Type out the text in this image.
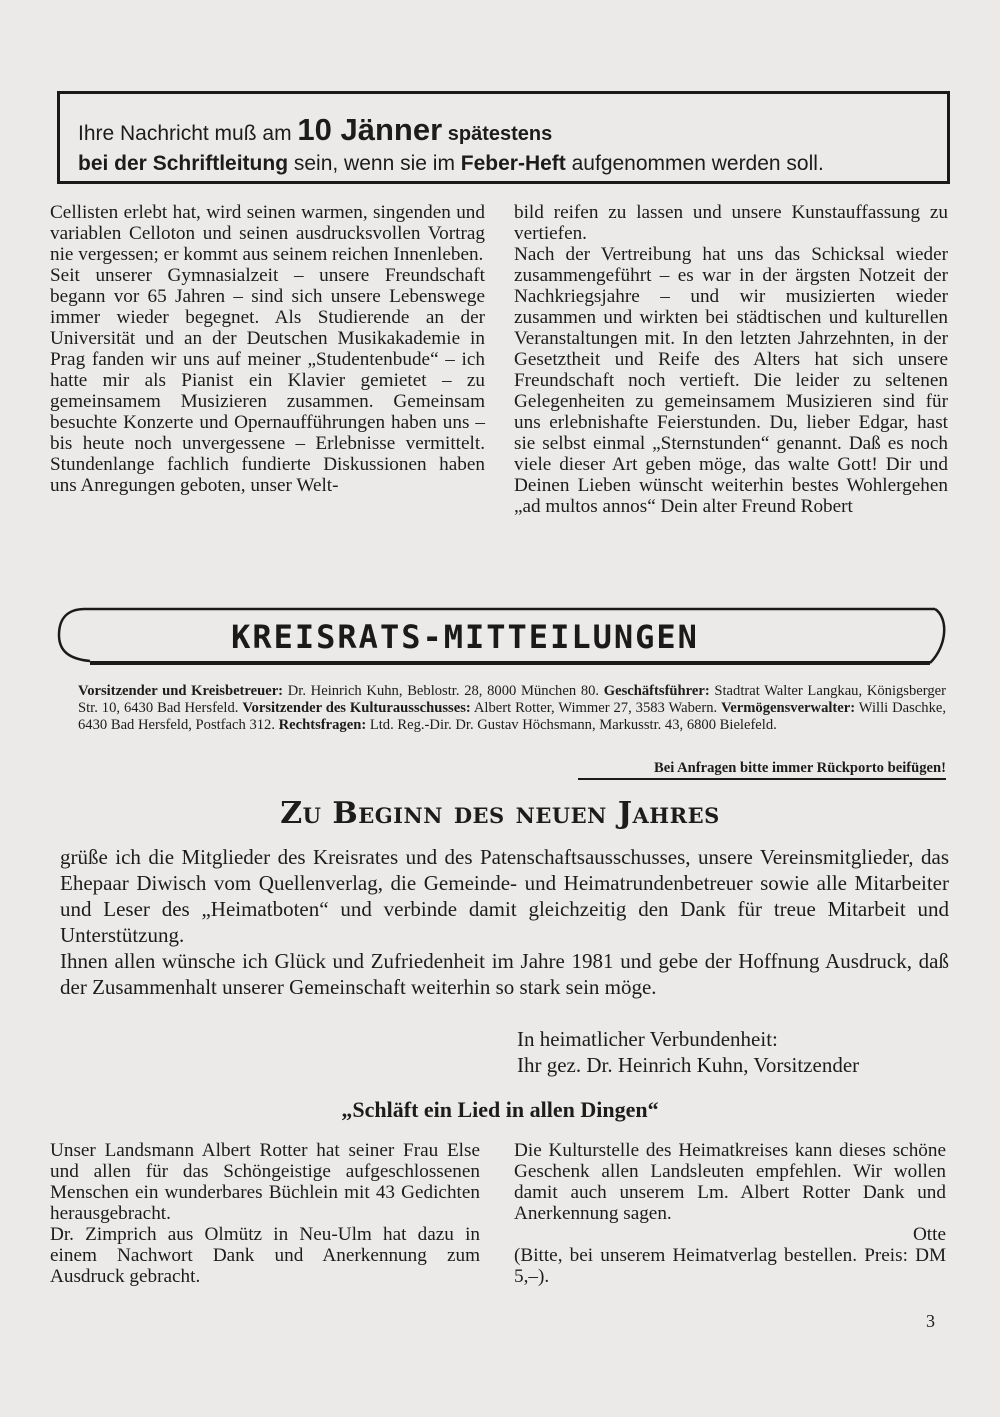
Ihre Nachricht muß am 10 Jänner spätestens
bei der Schriftleitung sein, wenn sie im Feber-Heft aufgenommen werden soll.

Cellisten erlebt hat, wird seinen warmen, singenden und variablen Celloton und seinen ausdrucksvollen Vortrag nie vergessen; er kommt aus seinem reichen Innenleben.

Seit unserer Gymnasialzeit – unsere Freundschaft begann vor 65 Jahren – sind sich unsere Lebenswege immer wieder begegnet. Als Studierende an der Universität und an der Deutschen Musikakademie in Prag fanden wir uns auf meiner „Studentenbude“ – ich hatte mir als Pianist ein Klavier gemietet – zu gemeinsamem Musizieren zusammen. Gemeinsam besuchte Konzerte und Opernaufführungen haben uns – bis heute noch unvergessene – Erlebnisse vermittelt. Stundenlange fachlich fundierte Diskussionen haben uns Anregungen geboten, unser Welt-

bild reifen zu lassen und unsere Kunstauffassung zu vertiefen.

Nach der Vertreibung hat uns das Schicksal wieder zusammengeführt – es war in der ärgsten Notzeit der Nachkriegsjahre – und wir musizierten wieder zusammen und wirkten bei städtischen und kulturellen Veranstaltungen mit. In den letzten Jahrzehnten, in der Gesetztheit und Reife des Alters hat sich unsere Freundschaft noch vertieft. Die leider zu seltenen Gelegenheiten zu gemeinsamem Musizieren sind für uns erlebnishafte Feierstunden. Du, lieber Edgar, hast sie selbst einmal „Sternstunden“ genannt. Daß es noch viele dieser Art geben möge, das walte Gott! Dir und Deinen Lieben wünscht weiterhin bestes Wohlergehen „ad multos annos“ Dein alter Freund Robert

KREISRATS-MITTEILUNGEN
Vorsitzender und Kreisbetreuer: Dr. Heinrich Kuhn, Beblostr. 28, 8000 München 80. Geschäftsführer: Stadtrat Walter Langkau, Königsberger Str. 10, 6430 Bad Hersfeld. Vorsitzender des Kulturausschusses: Albert Rotter, Wimmer 27, 3583 Wabern. Vermögensverwalter: Willi Daschke, 6430 Bad Hersfeld, Postfach 312. Rechtsfragen: Ltd. Reg.-Dir. Dr. Gustav Höchsmann, Markusstr. 43, 6800 Bielefeld.
Bei Anfragen bitte immer Rückporto beifügen!
Zu Beginn des neuen Jahres

grüße ich die Mitglieder des Kreisrates und des Patenschaftsausschusses, unsere Vereinsmitglieder, das Ehepaar Diwisch vom Quellenverlag, die Gemeinde- und Heimatrundenbetreuer sowie alle Mitarbeiter und Leser des „Heimatboten“ und verbinde damit gleichzeitig den Dank für treue Mitarbeit und Unterstützung.

Ihnen allen wünsche ich Glück und Zufriedenheit im Jahre 1981 und gebe der Hoffnung Ausdruck, daß der Zusammenhalt unserer Gemeinschaft weiterhin so stark sein möge.

In heimatlicher Verbundenheit:
Ihr gez. Dr. Heinrich Kuhn, Vorsitzender
„Schläft ein Lied in allen Dingen“

Unser Landsmann Albert Rotter hat seiner Frau Else und allen für das Schöngeistige aufgeschlossenen Menschen ein wunderbares Büchlein mit 43 Gedichten herausgebracht.

Dr. Zimprich aus Olmütz in Neu-Ulm hat dazu in einem Nachwort Dank und Anerkennung zum Ausdruck gebracht.

Die Kulturstelle des Heimatkreises kann dieses schöne Geschenk allen Landsleuten empfehlen. Wir wollen damit auch unserem Lm. Albert Rotter Dank und Anerkennung sagen.

Otte

(Bitte, bei unserem Heimatverlag bestellen. Preis: DM 5,–).

3
